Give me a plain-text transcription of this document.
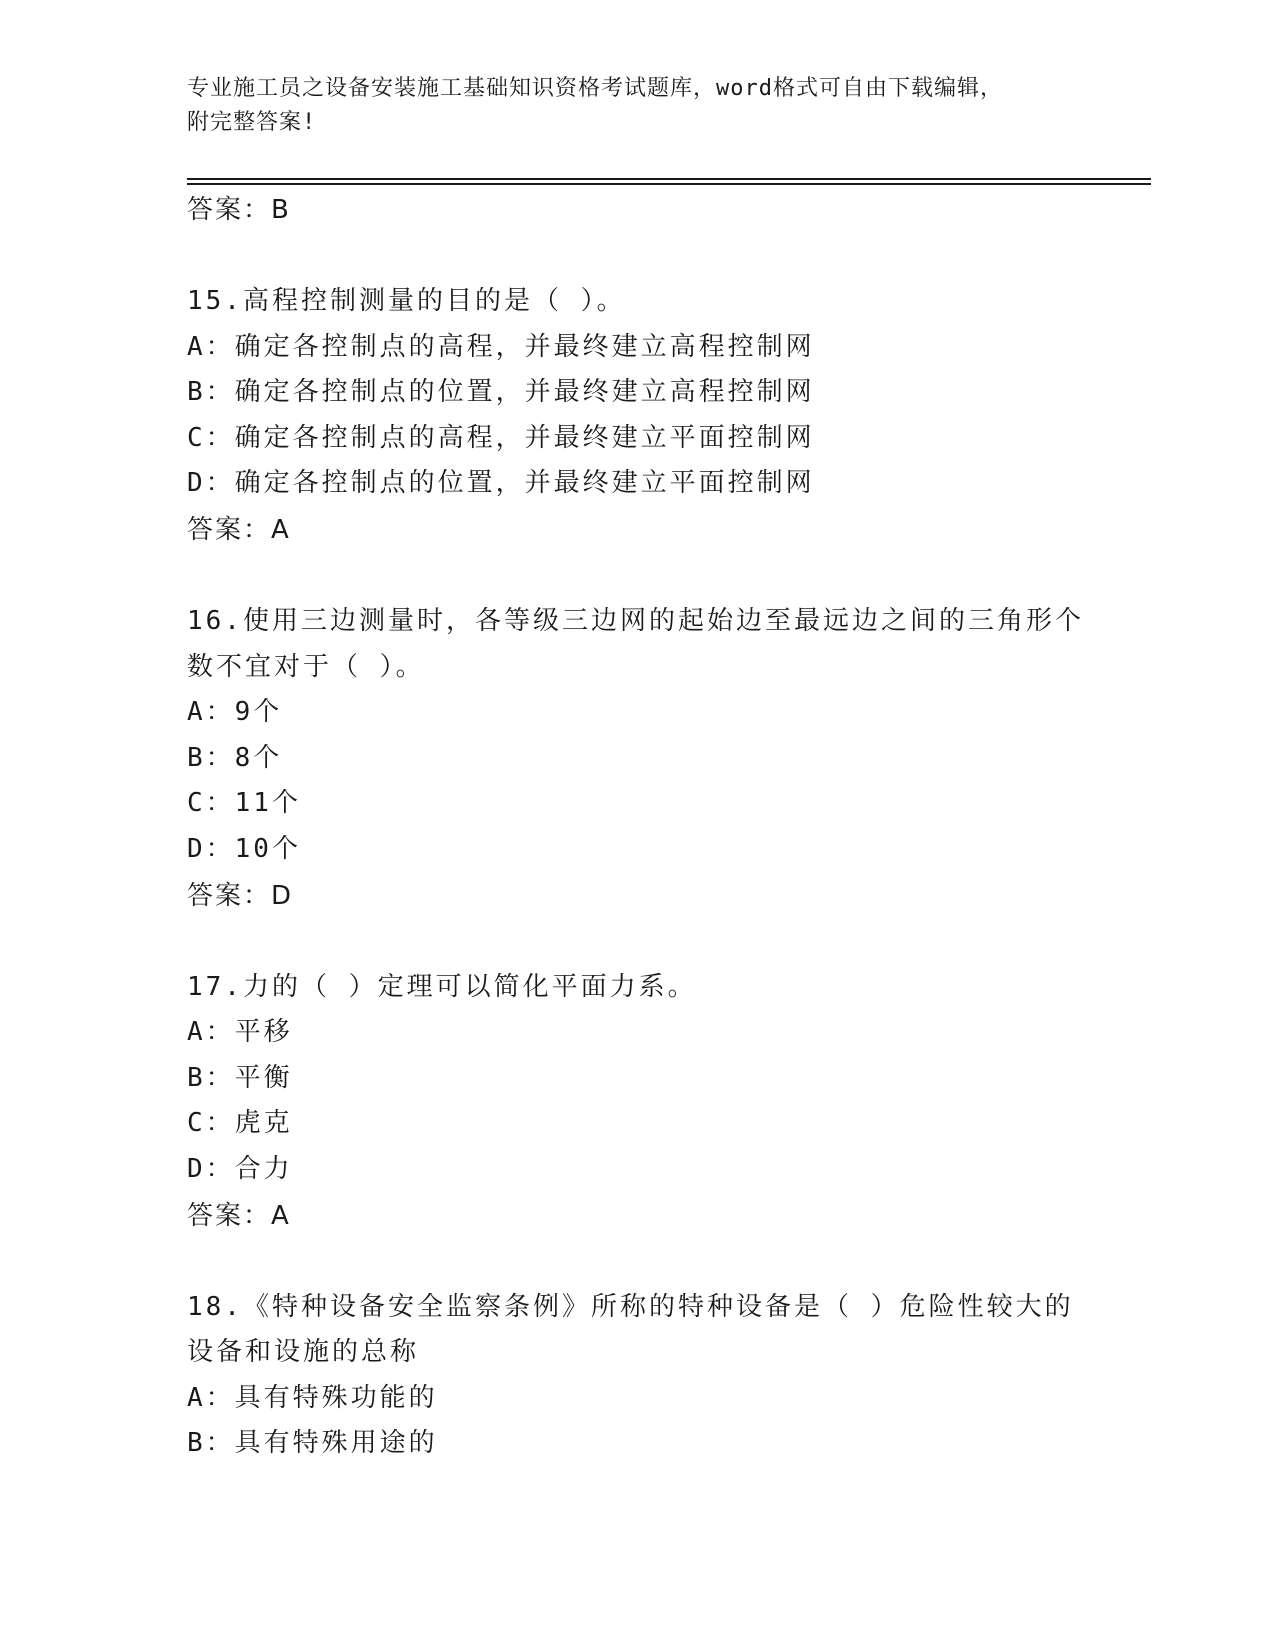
专业施工员之设备安装施工基础知识资格考试题库，word格式可自由下载编辑，
附完整答案!
答案：B
15.高程控制测量的目的是（ ）。
A：确定各控制点的高程，并最终建立高程控制网
B：确定各控制点的位置，并最终建立高程控制网
C：确定各控制点的高程，并最终建立平面控制网
D：确定各控制点的位置，并最终建立平面控制网
答案：A
16.使用三边测量时，各等级三边网的起始边至最远边之间的三角形个
数不宜对于（ ）。
A：9个
B：8个
C：11个
D：10个
答案：D
17.力的（ ）定理可以简化平面力系。
A：平移
B：平衡
C：虎克
D：合力
答案：A
18.《特种设备安全监察条例》所称的特种设备是（ ）危险性较大的
设备和设施的总称
A：具有特殊功能的
B：具有特殊用途的
